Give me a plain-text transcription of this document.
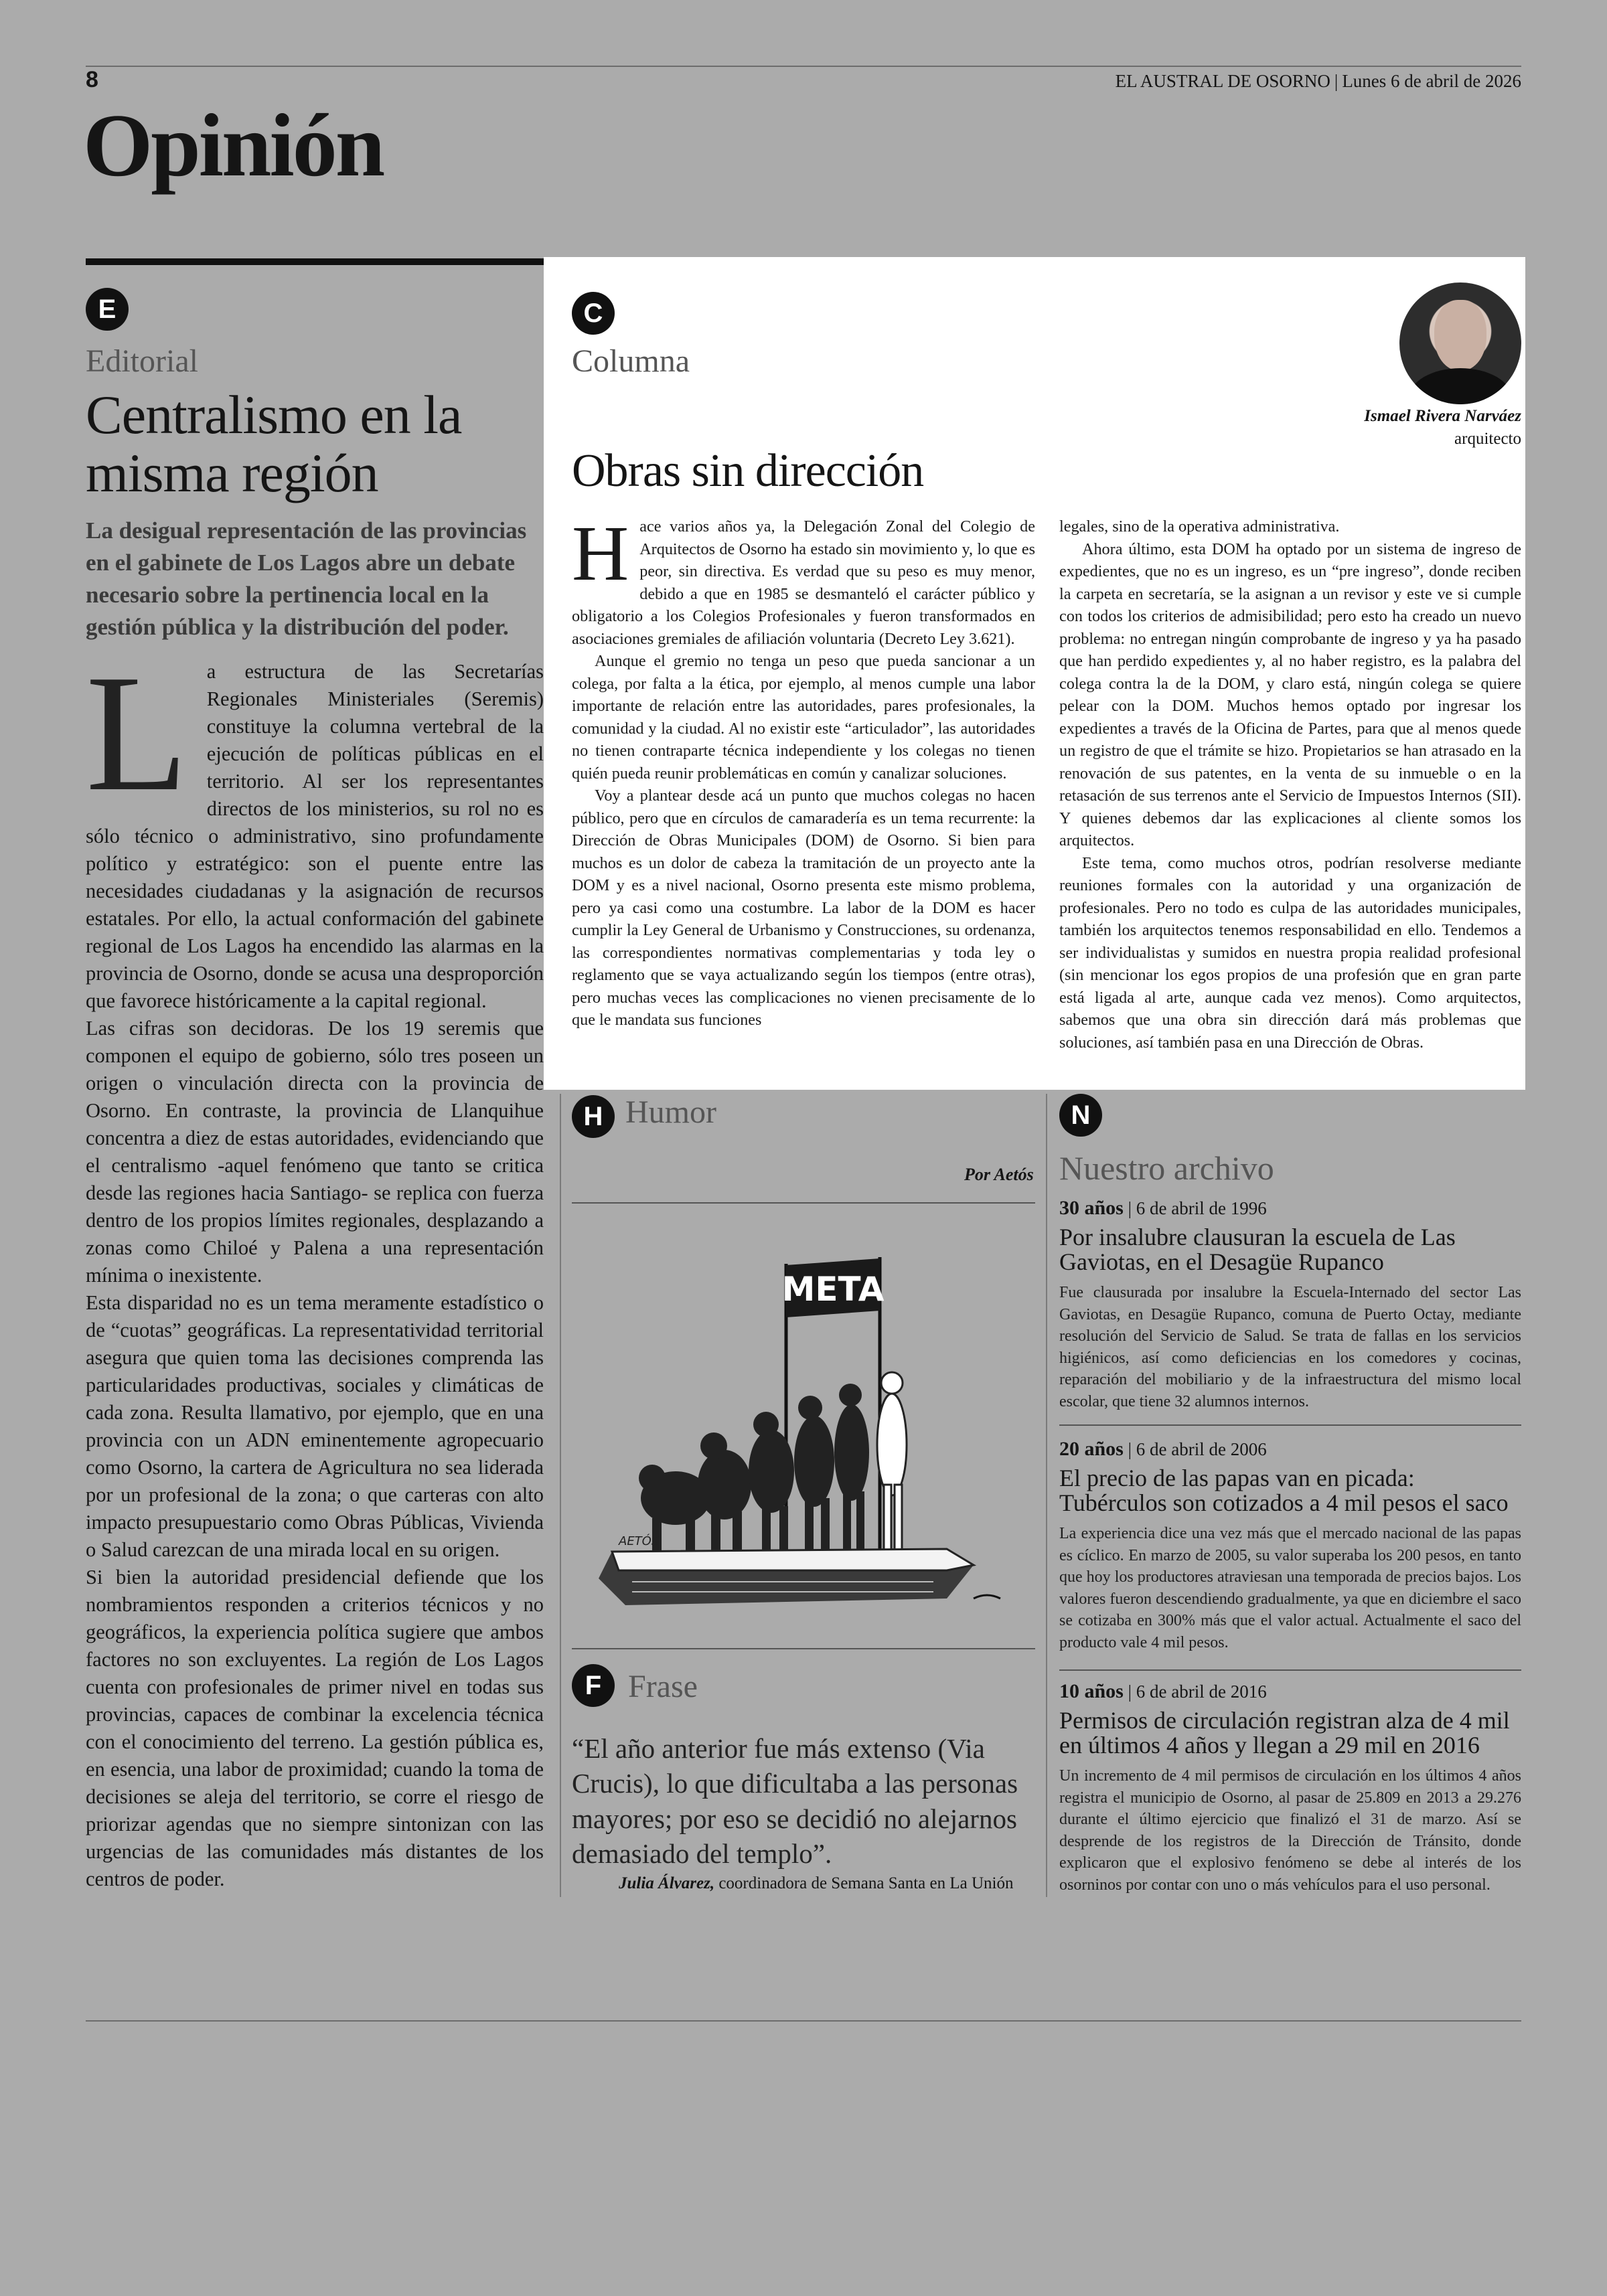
8	EL AUSTRAL DE OSORNO | Lunes 6 de abril de 2026
Opinión
E
Editorial
Centralismo en la misma región
La desigual representación de las provincias en el gabinete de Los Lagos abre un debate necesario sobre la pertinencia local en la gestión pública y la distribución del poder.
L a estructura de las Secretarías Regionales Ministeriales (Seremis) constituye la columna vertebral de la ejecución de políticas públicas en el territorio. Al ser los representantes directos de los ministerios, su rol no es sólo técnico o administrativo, sino profundamente político y estratégico: son el puente entre las necesidades ciudadanas y la asignación de recursos estatales. Por ello, la actual conformación del gabinete regional de Los Lagos ha encendido las alarmas en la provincia de Osorno, donde se acusa una desproporción que favorece históricamente a la capital regional.

Las cifras son decidoras. De los 19 seremis que componen el equipo de gobierno, sólo tres poseen un origen o vinculación directa con la provincia de Osorno. En contraste, la provincia de Llanquihue concentra a diez de estas autoridades, evidenciando que el centralismo -aquel fenómeno que tanto se critica desde las regiones hacia Santiago- se replica con fuerza dentro de los propios límites regionales, desplazando a zonas como Chiloé y Palena a una representación mínima o inexistente.

Esta disparidad no es un tema meramente estadístico o de “cuotas” geográficas. La representatividad territorial asegura que quien toma las decisiones comprenda las particularidades productivas, sociales y climáticas de cada zona. Resulta llamativo, por ejemplo, que en una provincia con un ADN eminentemente agropecuario como Osorno, la cartera de Agricultura no sea liderada por un profesional de la zona; o que carteras con alto impacto presupuestario como Obras Públicas, Vivienda o Salud carezcan de una mirada local en su origen.

Si bien la autoridad presidencial defiende que los nombramientos responden a criterios técnicos y no geográficos, la experiencia política sugiere que ambos factores no son excluyentes. La región de Los Lagos cuenta con profesionales de primer nivel en todas sus provincias, capaces de combinar la excelencia técnica con el conocimiento del terreno. La gestión pública es, en esencia, una labor de proximidad; cuando la toma de decisiones se aleja del territorio, se corre el riesgo de priorizar agendas que no siempre sintonizan con las urgencias de las comunidades más distantes de los centros de poder.

C
Columna
Ismael Rivera Narváez
arquitecto
Obras sin dirección
H ace varios años ya, la Delegación Zonal del Colegio de Arquitectos de Osorno ha estado sin movimiento y, lo que es peor, sin directiva. Es verdad que su peso es muy menor, debido a que en 1985 se desmanteló el carácter público y obligatorio a los Colegios Profesionales y fueron transformados en asociaciones gremiales de afiliación voluntaria (Decreto Ley 3.621).

Aunque el gremio no tenga un peso que pueda sancionar a un colega, por falta a la ética, por ejemplo, al menos cumple una labor importante de relación entre las autoridades, pares profesionales, la comunidad y la ciudad. Al no existir este “articulador”, las autoridades no tienen contraparte técnica independiente y los colegas no tienen quién pueda reunir problemáticas en común y canalizar soluciones.

Voy a plantear desde acá un punto que muchos colegas no hacen público, pero que en círculos de camaradería es un tema recurrente: la Dirección de Obras Municipales (DOM) de Osorno. Si bien para muchos es un dolor de cabeza la tramitación de un proyecto ante la DOM y es a nivel nacional, Osorno presenta este mismo problema, pero ya casi como una costumbre. La labor de la DOM es hacer cumplir la Ley General de Urbanismo y Construcciones, su ordenanza, las correspondientes normativas complementarias y toda ley o reglamento que se vaya actualizando según los tiempos (entre otras), pero muchas veces las complicaciones no vienen precisamente de lo que le mandata sus funciones

legales, sino de la operativa administrativa.

Ahora último, esta DOM ha optado por un sistema de ingreso de expedientes, que no es un ingreso, es un “pre ingreso”, donde reciben la carpeta en secretaría, se la asignan a un revisor y este ve si cumple con todos los criterios de admisibilidad; pero esto ha creado un nuevo problema: no entregan ningún comprobante de ingreso y ya ha pasado que han perdido expedientes y, al no haber registro, es la palabra del colega contra la de la DOM, y claro está, ningún colega se quiere pelear con la DOM. Muchos hemos optado por ingresar los expedientes a través de la Oficina de Partes, para que al menos quede un registro de que el trámite se hizo. Propietarios se han atrasado en la renovación de sus patentes, en la venta de su inmueble o en la retasación de sus terrenos ante el Servicio de Impuestos Internos (SII). Y quienes debemos dar las explicaciones al cliente somos los arquitectos.

Este tema, como muchos otros, podrían resolverse mediante reuniones formales con la autoridad y una organización de profesionales. Pero no todo es culpa de las autoridades municipales, también los arquitectos tenemos responsabilidad en ello. Tendemos a ser individualistas y sumidos en nuestra propia realidad profesional (sin mencionar los egos propios de una profesión que en gran parte está ligada al arte, aunque cada vez menos). Como arquitectos, sabemos que una obra sin dirección dará más problemas que soluciones, así también pasa en una Dirección de Obras.

H Humor
Por Aetós
META
AETÓS
F Frase
“El año anterior fue más extenso (Via Crucis), lo que dificultaba a las personas mayores; por eso se decidió no alejarnos demasiado del templo”.
Julia Álvarez, coordinadora de Semana Santa en La Unión
N
Nuestro archivo
30 años | 6 de abril de 1996
Por insalubre clausuran la escuela de Las Gaviotas, en el Desagüe Rupanco
Fue clausurada por insalubre la Escuela-Internado del sector Las Gaviotas, en Desagüe Rupanco, comuna de Puerto Octay, mediante resolución del Servicio de Salud. Se trata de fallas en los servicios higiénicos, así como deficiencias en los comedores y cocinas, reparación del mobiliario y de la infraestructura del mismo local escolar, que tiene 32 alumnos internos.
20 años | 6 de abril de 2006
El precio de las papas van en picada: Tubérculos son cotizados a 4 mil pesos el saco
La experiencia dice una vez más que el mercado nacional de las papas es cíclico. En marzo de 2005, su valor superaba los 200 pesos, en tanto que hoy los productores atraviesan una temporada de precios bajos. Los valores fueron descendiendo gradualmente, ya que en diciembre el saco se cotizaba en 300% más que el valor actual. Actualmente el saco del producto vale 4 mil pesos.
10 años | 6 de abril de 2016
Permisos de circulación registran alza de 4 mil en últimos 4 años y llegan a 29 mil en 2016
Un incremento de 4 mil permisos de circulación en los últimos 4 años registra el municipio de Osorno, al pasar de 25.809 en 2013 a 29.276 durante el último ejercicio que finalizó el 31 de marzo. Así se desprende de los registros de la Dirección de Tránsito, donde explicaron que el explosivo fenómeno se debe al interés de los osorninos por contar con uno o más vehículos para el uso personal.
